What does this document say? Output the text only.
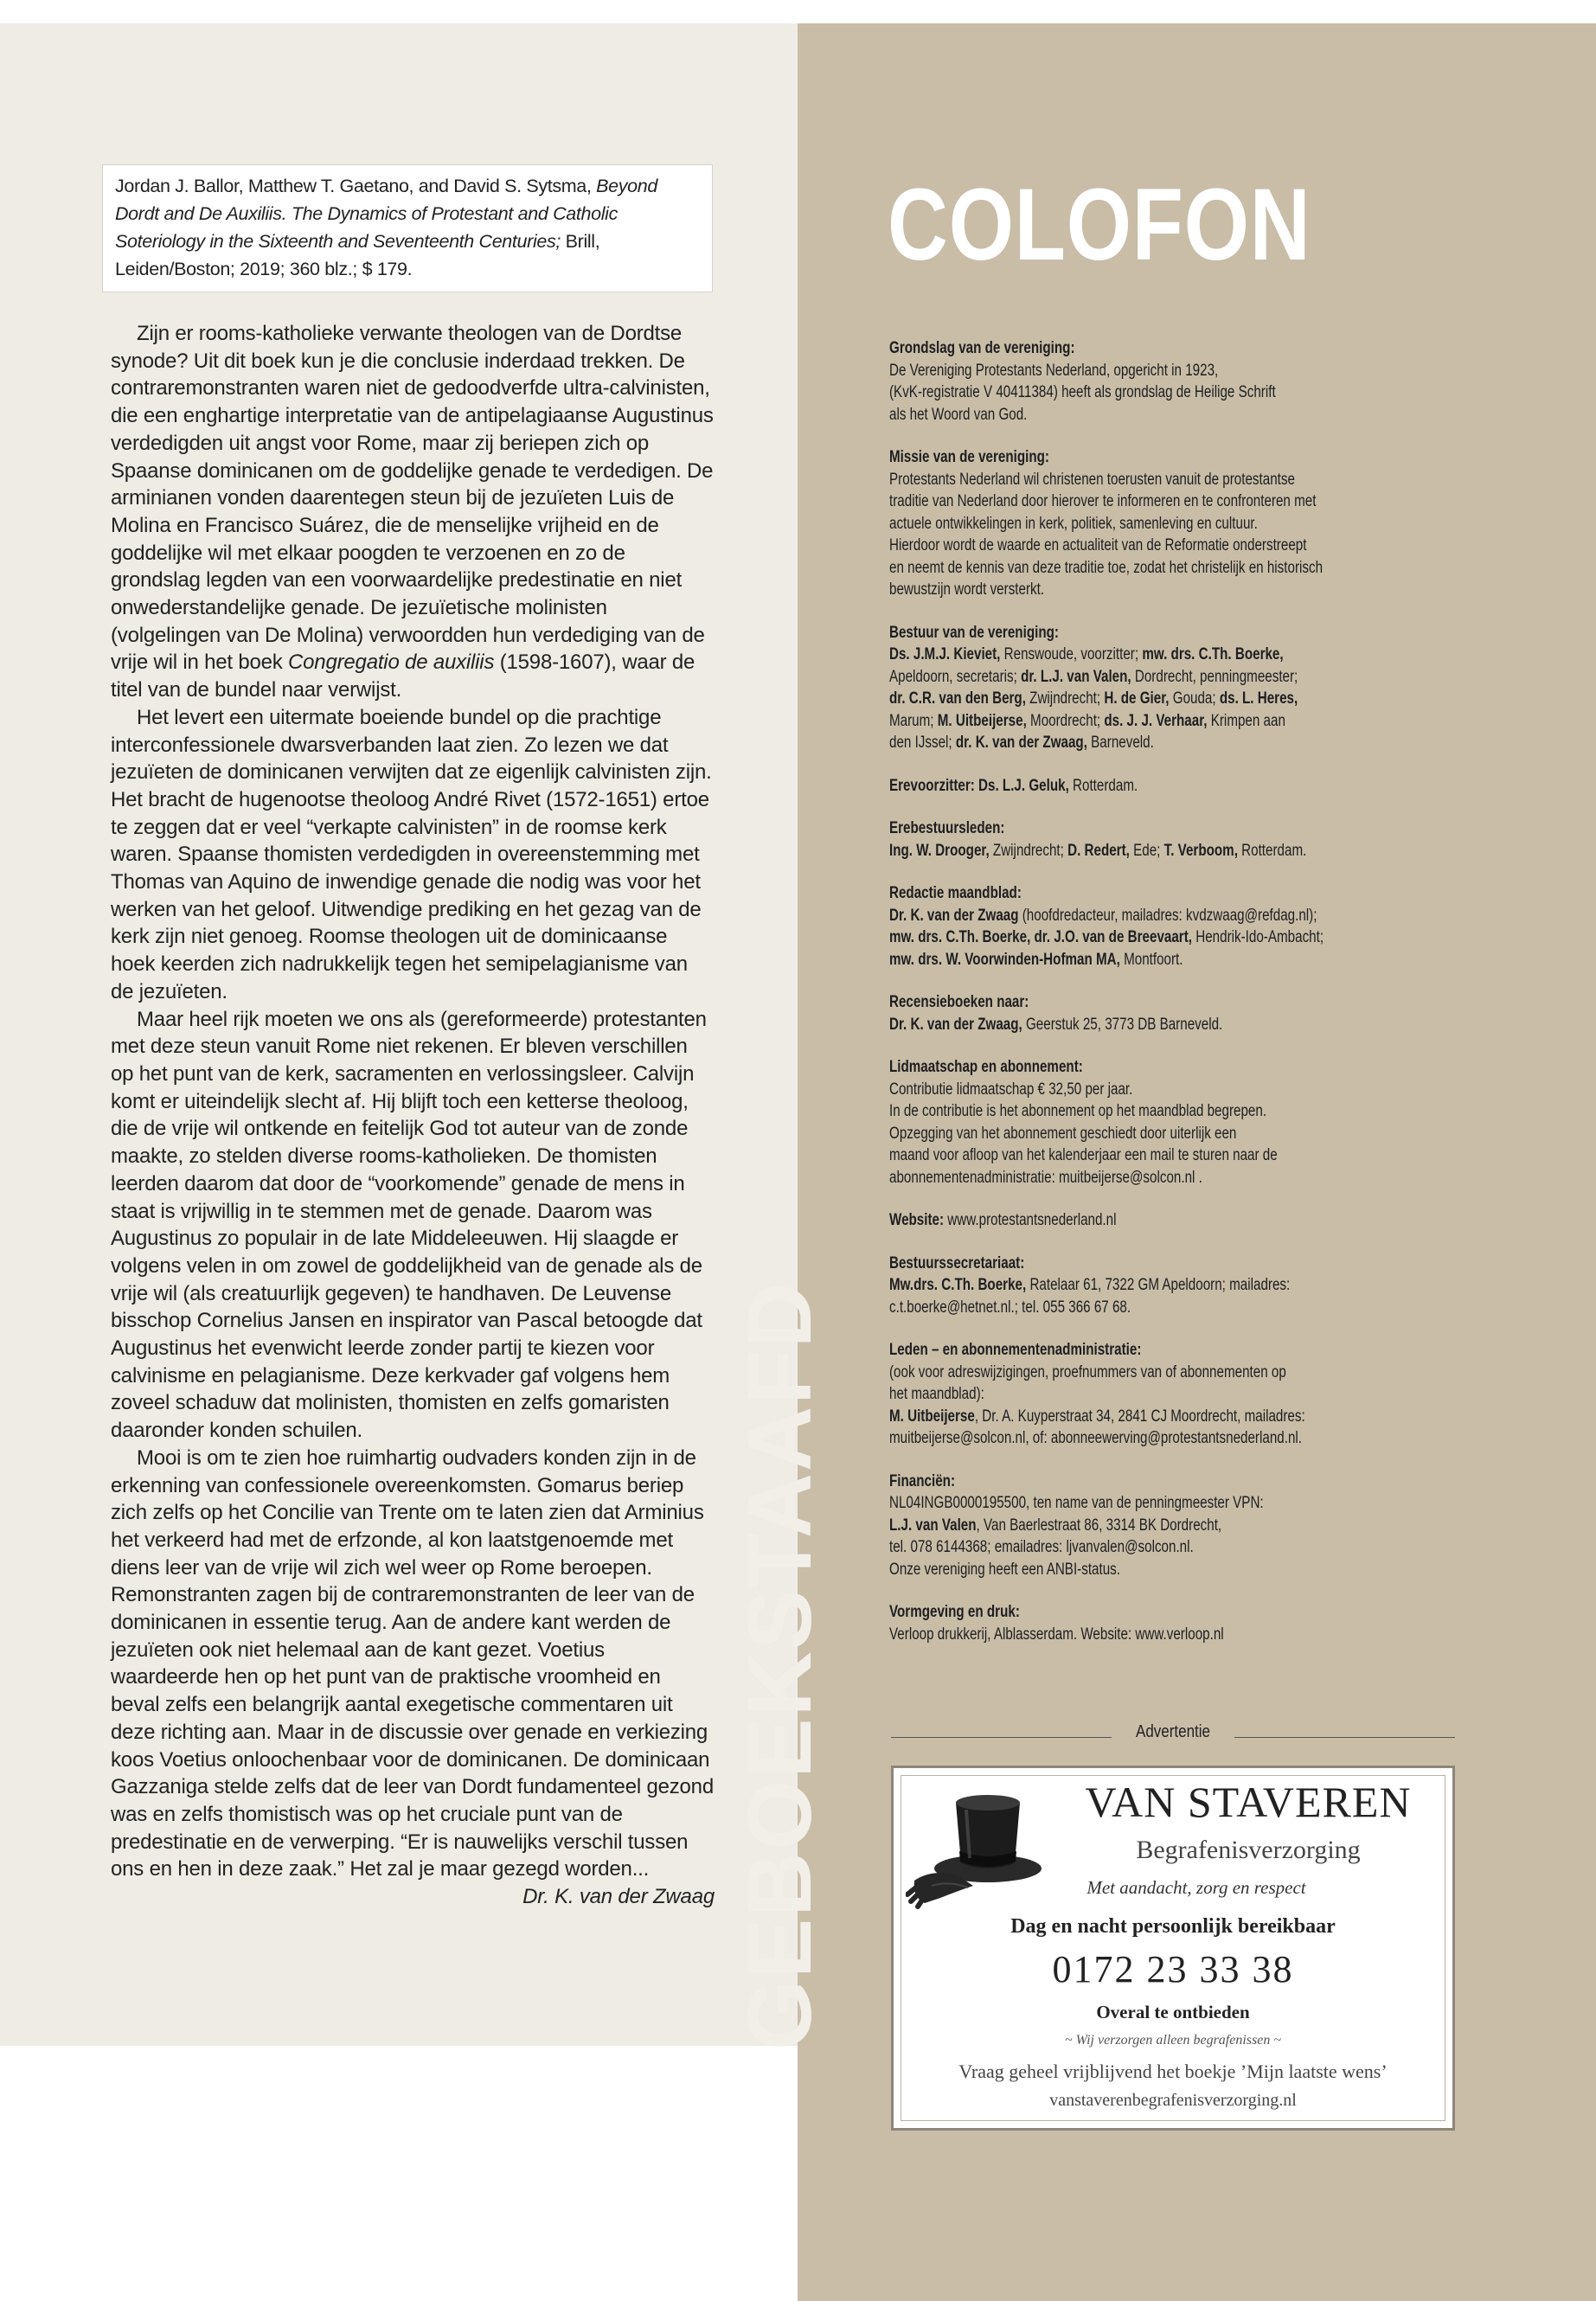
Jordan J. Ballor, Matthew T. Gaetano, and David S. Sytsma, Beyond Dordt and De Auxiliis. The Dynamics of Protestant and Catholic Soteriology in the Sixteenth and Seventeenth Centuries; Brill, Leiden/Boston; 2019; 360 blz.; $ 179.

Zijn er rooms-katholieke verwante theologen van de Dordtse synode? Uit dit boek kun je die conclusie inderdaad trekken. De contraremonstranten waren niet de gedoodverfde ultra-calvinisten, die een enghartige interpretatie van de antipelagiaanse Augustinus verdedigden uit angst voor Rome, maar zij beriepen zich op Spaanse dominicanen om de goddelijke genade te verdedigen. De arminianen vonden daarentegen steun bij de jezuïeten Luis de Molina en Francisco Suárez, die de menselijke vrijheid en de goddelijke wil met elkaar poogden te verzoenen en zo de grondslag legden van een voorwaardelijke predestinatie en niet onwederstandelijke genade. De jezuïetische molinisten (volgelingen van De Molina) verwoordden hun verdediging van de vrije wil in het boek Congregatio de auxiliis (1598-1607), waar de titel van de bundel naar verwijst.

Het levert een uitermate boeiende bundel op die prachtige interconfessionele dwarsverbanden laat zien. Zo lezen we dat jezuïeten de dominicanen verwijten dat ze eigenlijk calvinisten zijn. Het bracht de hugenootse theoloog André Rivet (1572-1651) ertoe te zeggen dat er veel “verkapte calvinisten” in de roomse kerk waren. Spaanse thomisten verdedigden in overeenstemming met Thomas van Aquino de inwendige genade die nodig was voor het werken van het geloof. Uitwendige prediking en het gezag van de kerk zijn niet genoeg. Roomse theologen uit de dominicaanse hoek keerden zich nadrukkelijk tegen het semipelagianisme van de jezuïeten.

Maar heel rijk moeten we ons als (gereformeerde) protestanten met deze steun vanuit Rome niet rekenen. Er bleven verschillen op het punt van de kerk, sacramenten en verlossingsleer. Calvijn komt er uiteindelijk slecht af. Hij blijft toch een ketterse theoloog, die de vrije wil ontkende en feitelijk God tot auteur van de zonde maakte, zo stelden diverse rooms-katholieken. De thomisten leerden daarom dat door de “voorkomende” genade de mens in staat is vrijwillig in te stemmen met de genade. Daarom was Augustinus zo populair in de late Middeleeuwen. Hij slaagde er volgens velen in om zowel de goddelijkheid van de genade als de vrije wil (als creatuurlijk gegeven) te handhaven. De Leuvense bisschop Cornelius Jansen en inspirator van Pascal betoogde dat Augustinus het evenwicht leerde zonder partij te kiezen voor calvinisme en pelagianisme. Deze kerkvader gaf volgens hem zoveel schaduw dat molinisten, thomisten en zelfs gomaristen daaronder konden schuilen.

Mooi is om te zien hoe ruimhartig oudvaders konden zijn in de erkenning van confessionele overeenkomsten. Gomarus beriep zich zelfs op het Concilie van Trente om te laten zien dat Arminius het verkeerd had met de erfzonde, al kon laatstgenoemde met diens leer van de vrije wil zich wel weer op Rome beroepen. Remonstranten zagen bij de contraremonstranten de leer van de dominicanen in essentie terug. Aan de andere kant werden de jezuïeten ook niet helemaal aan de kant gezet. Voetius waardeerde hen op het punt van de praktische vroomheid en beval zelfs een belangrijk aantal exegetische commentaren uit deze richting aan. Maar in de discussie over genade en verkiezing koos Voetius onloochenbaar voor de dominicanen. De dominicaan Gazzaniga stelde zelfs dat de leer van Dordt fundamenteel gezond was en zelfs thomistisch was op het cruciale punt van de predestinatie en de verwerping. “Er is nauwelijks verschil tussen ons en hen in deze zaak.” Het zal je maar gezegd worden...

Dr. K. van der Zwaag GEBOEKSTAAFD
COLOFON
Grondslag van de vereniging:
De Vereniging Protestants Nederland, opgericht in 1923,
(KvK-registratie V 40411384) heeft als grondslag de Heilige Schrift
als het Woord van God.
Missie van de vereniging:
Protestants Nederland wil christenen toerusten vanuit de protestantse
traditie van Nederland door hierover te informeren en te confronteren met
actuele ontwikkelingen in kerk, politiek, samenleving en cultuur.
Hierdoor wordt de waarde en actualiteit van de Reformatie onderstreept
en neemt de kennis van deze traditie toe, zodat het christelijk en historisch
bewustzijn wordt versterkt.
Bestuur van de vereniging:
Ds. J.M.J. Kieviet, Renswoude, voorzitter; mw. drs. C.Th. Boerke,
Apeldoorn, secretaris; dr. L.J. van Valen, Dordrecht, penningmeester;
dr. C.R. van den Berg, Zwijndrecht; H. de Gier, Gouda; ds. L. Heres,
Marum; M. Uitbeijerse, Moordrecht; ds. J. J. Verhaar, Krimpen aan
den IJssel; dr. K. van der Zwaag, Barneveld.
Erevoorzitter: Ds. L.J. Geluk, Rotterdam.
Erebestuursleden:
Ing. W. Drooger, Zwijndrecht; D. Redert, Ede; T. Verboom, Rotterdam.
Redactie maandblad:
Dr. K. van der Zwaag (hoofdredacteur, mailadres: kvdzwaag@refdag.nl);
mw. drs. C.Th. Boerke, dr. J.O. van de Breevaart, Hendrik-Ido-Ambacht;
mw. drs. W. Voorwinden-Hofman MA, Montfoort.
Recensieboeken naar:
Dr. K. van der Zwaag, Geerstuk 25, 3773 DB Barneveld.
Lidmaatschap en abonnement:
Contributie lidmaatschap € 32,50 per jaar.
In de contributie is het abonnement op het maandblad begrepen.
Opzegging van het abonnement geschiedt door uiterlijk een
maand voor afloop van het kalenderjaar een mail te sturen naar de
abonnementenadministratie: muitbeijerse@solcon.nl .
Website: www.protestantsnederland.nl
Bestuurssecretariaat:
Mw.drs. C.Th. Boerke, Ratelaar 61, 7322 GM Apeldoorn; mailadres:
c.t.boerke@hetnet.nl.; tel. 055 366 67 68.
Leden – en abonnementenadministratie:
(ook voor adreswijzigingen, proefnummers van of abonnementen op
het maandblad):
M. Uitbeijerse, Dr. A. Kuyperstraat 34, 2841 CJ Moordrecht, mailadres:
muitbeijerse@solcon.nl, of: abonneewerving@protestantsnederland.nl.
Financiën:
NL04INGB0000195500, ten name van de penningmeester VPN:
L.J. van Valen, Van Baerlestraat 86, 3314 BK Dordrecht,
tel. 078 6144368; emailadres: ljvanvalen@solcon.nl.
Onze vereniging heeft een ANBI-status.
Vormgeving en druk:
Verloop drukkerij, Alblasserdam. Website: www.verloop.nl
Advertentie
VAN STAVEREN
Begrafenisverzorging
Met aandacht, zorg en respect
Dag en nacht persoonlijk bereikbaar
0172 23 33 38
Overal te ontbieden
~ Wij verzorgen alleen begrafenissen ~
Vraag geheel vrijblijvend het boekje ’Mijn laatste wens’
vanstaverenbegrafenisverzorging.nl
